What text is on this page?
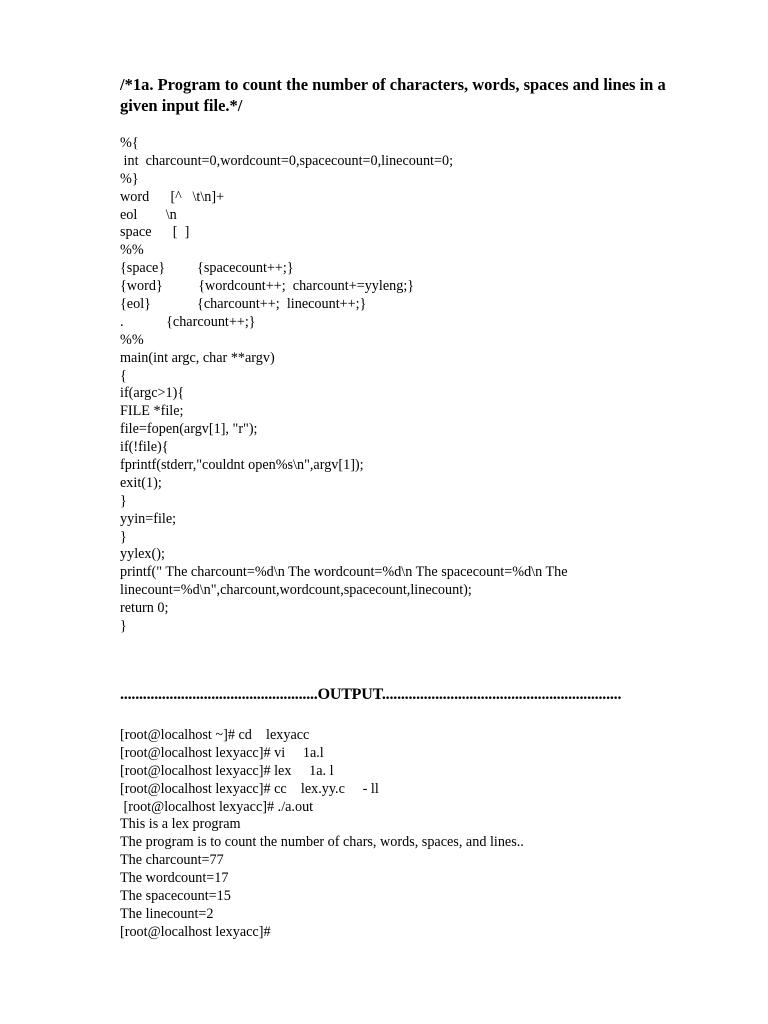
/*1a. Program to count the number of characters, words, spaces and lines in a given input file.*/

%{
int  charcount=0,wordcount=0,spacecount=0,linecount=0;
%}
word      [^   \t\n]+
eol        \n
space      [  ]
%%
{space}         {spacecount++;}
{word}          {wordcount++;  charcount+=yyleng;}
{eol}             {charcount++;  linecount++;}
.            {charcount++;}
%%
main(int argc, char **argv)
{
if(argc>1){
FILE *file;
file=fopen(argv[1], "r");
if(!file){
fprintf(stderr,"couldnt open%s\n",argv[1]);
exit(1);
}
yyin=file;
}
yylex();
printf(" The charcount=%d\n The wordcount=%d\n The spacecount=%d\n The linecount=%d\n",charcount,wordcount,spacecount,linecount);
return 0;
}
....................................................OUTPUT...............................................................
[root@localhost ~]# cd    lexyacc
[root@localhost lexyacc]# vi     1a.l
[root@localhost lexyacc]# lex     1a. l
[root@localhost lexyacc]# cc    lex.yy.c     - ll
[root@localhost lexyacc]# ./a.out
This is a lex program
The program is to count the number of chars, words, spaces, and lines..
The charcount=77
The wordcount=17
The spacecount=15
The linecount=2
[root@localhost lexyacc]#
